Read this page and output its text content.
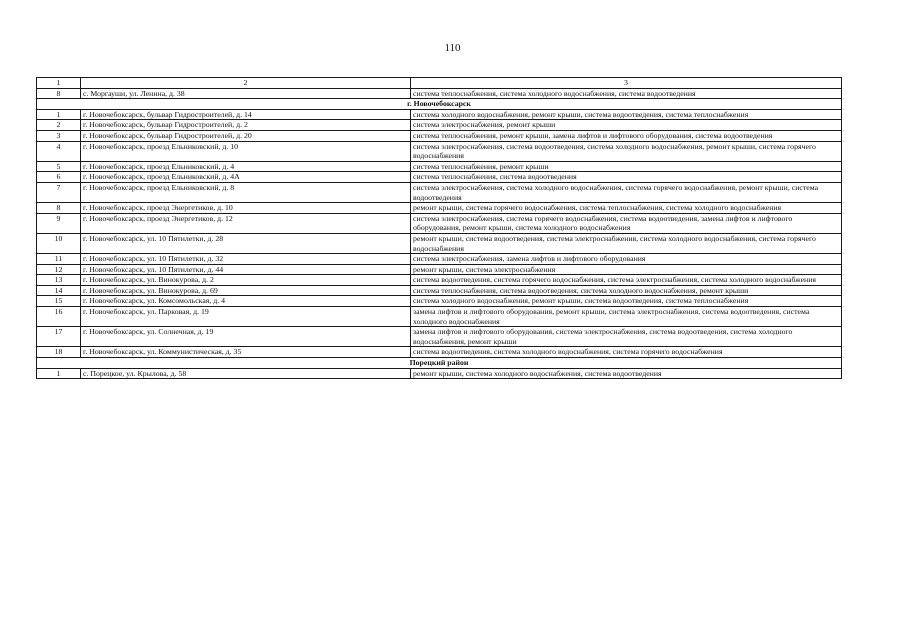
110
1	2	3
8	с. Моргауши, ул. Ленина, д. 38	система теплоснабжения, система холодного водоснабжения, система водоотведения
г. Новочебоксарск		
1	г. Новочебоксарск, бульвар Гидростроителей, д. 14	система холодного водоснабжения, ремонт крыши, система водоотведения, система теплоснабжения
2	г. Новочебоксарск, бульвар Гидростроителей, д. 2	система электроснабжения, ремонт крыши
3	г. Новочебоксарск, бульвар Гидростроителей, д. 20	система теплоснабжения, ремонт крыши, замена лифтов и лифтового оборудования, система водоотведения
4	г. Новочебоксарск, проезд Ельниковский, д. 10	система электроснабжения, система водоотведения, система холодного водоснабжения, ремонт крыши, система горячего водоснабжения
5	г. Новочебоксарск, проезд Ельниковский, д. 4	система теплоснабжения, ремонт крыши
6	г. Новочебоксарск, проезд Ельниковский, д. 4А	система теплоснабжения, система водоотведения
7	г. Новочебоксарск, проезд Ельниковский, д. 8	система электроснабжения, система холодного водоснабжения, система горячего водоснабжения, ремонт крыши, система водоотведения
8	г. Новочебоксарск, проезд Энергетиков, д. 10	ремонт крыши, система горячего водоснабжения, система теплоснабжения, система холодного водоснабжения
9	г. Новочебоксарск, проезд Энергетиков, д. 12	система электроснабжения, система горячего водоснабжения, система водоотведения, замена лифтов и лифтового оборудования, ремонт крыши, система холодного водоснабжения
10	г. Новочебоксарск, ул. 10 Пятилетки, д. 28	ремонт крыши, система водоотведения, система электроснабжения, система холодного водоснабжения, система горячего водоснабжения
11	г. Новочебоксарск, ул. 10 Пятилетки, д. 32	система электроснабжения, замена лифтов и лифтового оборудования
12	г. Новочебоксарск, ул. 10 Пятилетки, д. 44	ремонт крыши, система электроснабжения
13	г. Новочебоксарск, ул. Винокурова, д. 2	система водоотведения, система горячего водоснабжения, система электроснабжения, система холодного водоснабжения
14	г. Новочебоксарск, ул. Винокурова, д. 69	система теплоснабжения, система водоотведения, система холодного водоснабжения, ремонт крыши
15	г. Новочебоксарск, ул. Комсомольская, д. 4	система холодного водоснабжения, ремонт крыши, система водоотведения, система теплоснабжения
16	г. Новочебоксарск, ул. Парковая, д. 19	замена лифтов и лифтового оборудования, ремонт крыши, система электроснабжения, система водоотведения, система холодного водоснабжения
17	г. Новочебоксарск, ул. Солнечная, д. 19	замена лифтов и лифтового оборудования, система электроснабжения, система водоотведения, система холодного водоснабжения, ремонт крыши
18	г. Новочебоксарск, ул. Коммунистическая, д. 35	система водоотведения, система холодного водоснабжения, система горячего водоснабжения
Порецкий район		
1	с. Порецкое, ул. Крылова, д. 58	ремонт крыши, система холодного водоснабжения, система водоотведения
